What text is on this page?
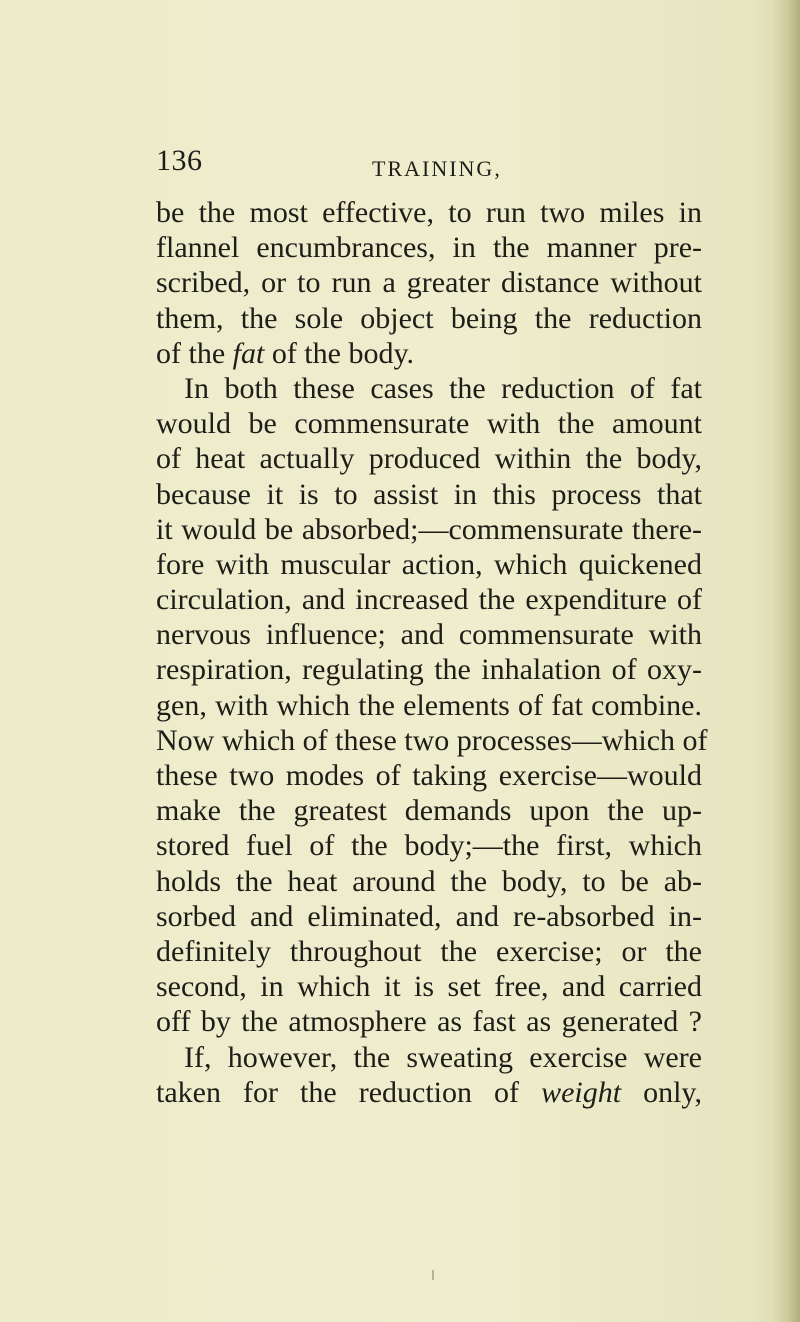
136	TRAINING,
be the most effective, to run two miles in
flannel encumbrances, in the manner pre-
scribed, or to run a greater distance without
them, the sole object being the reduction
of the fat of the body.
In both these cases the reduction of fat
would be commensurate with the amount
of heat actually produced within the body,
because it is to assist in this process that
it would be absorbed;—commensurate there-
fore with muscular action, which quickened
circulation, and increased the expenditure of
nervous influence; and commensurate with
respiration, regulating the inhalation of oxy-
gen, with which the elements of fat combine.
Now which of these two processes—which of
these two modes of taking exercise—would
make the greatest demands upon the up-
stored fuel of the body;—the first, which
holds the heat around the body, to be ab-
sorbed and eliminated, and re-absorbed in-
definitely throughout the exercise; or the
second, in which it is set free, and carried
off by the atmosphere as fast as generated ?
If, however, the sweating exercise were
taken for the reduction of weight only,
